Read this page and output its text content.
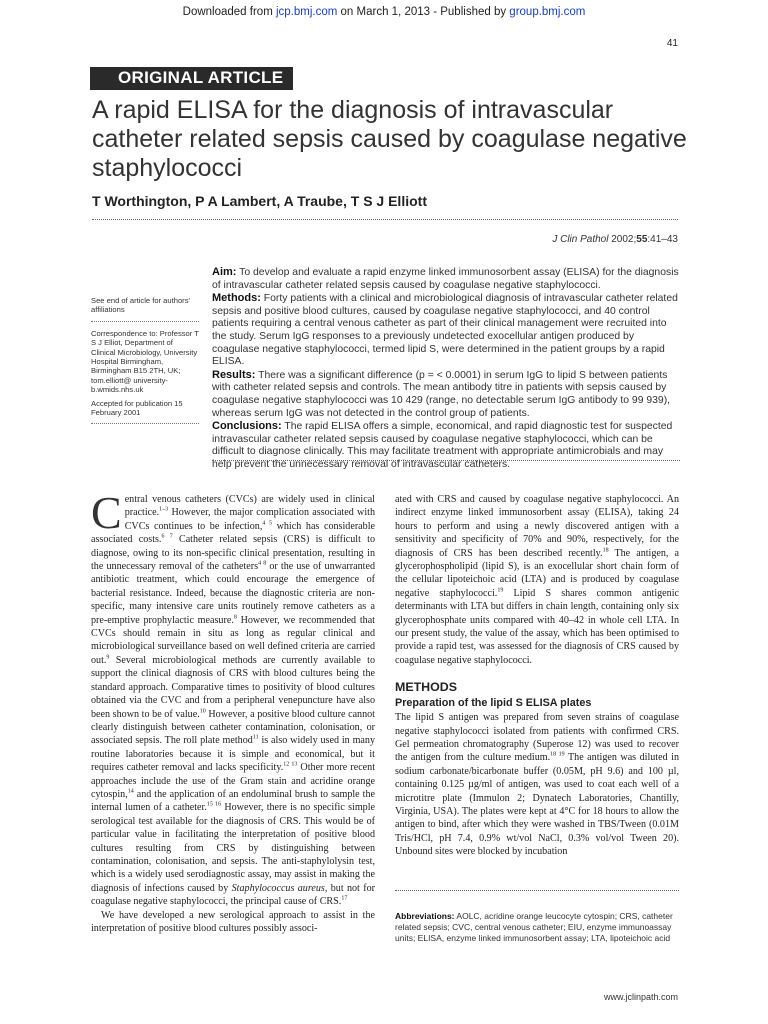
Downloaded from jcp.bmj.com on March 1, 2013 - Published by group.bmj.com
41
ORIGINAL ARTICLE
A rapid ELISA for the diagnosis of intravascular catheter related sepsis caused by coagulase negative staphylococci
T Worthington, P A Lambert, A Traube, T S J Elliott
J Clin Pathol 2002;55:41–43

Aim: To develop and evaluate a rapid enzyme linked immunosorbent assay (ELISA) for the diagnosis of intravascular catheter related sepsis caused by coagulase negative staphylococci.

Methods: Forty patients with a clinical and microbiological diagnosis of intravascular catheter related sepsis and positive blood cultures, caused by coagulase negative staphylococci, and 40 control patients requiring a central venous catheter as part of their clinical management were recruited into the study. Serum IgG responses to a previously undetected exocellular antigen produced by coagulase negative staphylococci, termed lipid S, were determined in the patient groups by a rapid ELISA.

Results: There was a significant difference (p = < 0.0001) in serum IgG to lipid S between patients with catheter related sepsis and controls. The mean antibody titre in patients with sepsis caused by coagulase negative staphylococci was 10 429 (range, no detectable serum IgG antibody to 99 939), whereas serum IgG was not detected in the control group of patients.

Conclusions: The rapid ELISA offers a simple, economical, and rapid diagnostic test for suspected intravascular catheter related sepsis caused by coagulase negative staphylococci, which can be difficult to diagnose clinically. This may facilitate treatment with appropriate antimicrobials and may help prevent the unnecessary removal of intravascular catheters.

See end of article for authors' affiliations

Correspondence to: Professor T S J Elliot, Department of Clinical Microbiology, University Hospital Birmingham, Birmingham B15 2TH, UK; tom.elliott@ university-b.wmids.nhs.uk

Accepted for publication 15 February 2001

Central venous catheters (CVCs) are widely used in clinical practice.$^{1-3}$ However, the major complication associated with CVCs continues to be infection,$^{4 5}$ which has considerable associated costs.$^{6 7}$ Catheter related sepsis (CRS) is difficult to diagnose, owing to its non-specific clinical presentation, resulting in the unnecessary removal of the catheters$^{4 8}$ or the use of unwarranted antibiotic treatment, which could encourage the emergence of bacterial resistance. Indeed, because the diagnostic criteria are non-specific, many intensive care units routinely remove catheters as a pre-emptive prophylactic measure.$^8$ However, we recommended that CVCs should remain in situ as long as regular clinical and microbiological surveillance based on well defined criteria are carried out.$^9$ Several microbiological methods are currently available to support the clinical diagnosis of CRS with blood cultures being the standard approach. Comparative times to positivity of blood cultures obtained via the CVC and from a peripheral venepuncture have also been shown to be of value.$^{10}$ However, a positive blood culture cannot clearly distinguish between catheter contamination, colonisation, or associated sepsis. The roll plate method$^{11}$ is also widely used in many routine laboratories because it is simple and economical, but it requires catheter removal and lacks specificity.$^{12 13}$ Other more recent approaches include the use of the Gram stain and acridine orange cytospin,$^{14}$ and the application of an endoluminal brush to sample the internal lumen of a catheter.$^{15 16}$ However, there is no specific simple serological test available for the diagnosis of CRS. This would be of particular value in facilitating the interpretation of positive blood cultures resulting from CRS by distinguishing between contamination, colonisation, and sepsis. The anti-staphylolysin test, which is a widely used serodiagnostic assay, may assist in making the diagnosis of infections caused by Staphylococcus aureus, but not for coagulase negative staphylococci, the principal cause of CRS.$^{17}$

We have developed a new serological approach to assist in the interpretation of positive blood cultures possibly associ-

ated with CRS and caused by coagulase negative staphylococci. An indirect enzyme linked immunosorbent assay (ELISA), taking 24 hours to perform and using a newly discovered antigen with a sensitivity and specificity of 70% and 90%, respectively, for the diagnosis of CRS has been described recently.$^{18}$ The antigen, a glycerophospholipid (lipid S), is an exocellular short chain form of the cellular lipoteichoic acid (LTA) and is produced by coagulase negative staphylococci.$^{19}$ Lipid S shares common antigenic determinants with LTA but differs in chain length, containing only six glycerophosphate units compared with 40–42 in whole cell LTA. In our present study, the value of the assay, which has been optimised to provide a rapid test, was assessed for the diagnosis of CRS caused by coagulase negative staphylococci.

METHODS
Preparation of the lipid S ELISA plates

The lipid S antigen was prepared from seven strains of coagulase negative staphylococci isolated from patients with confirmed CRS. Gel permeation chromatography (Superose 12) was used to recover the antigen from the culture medium.$^{18 19}$ The antigen was diluted in sodium carbonate/bicarbonate buffer (0.05M, pH 9.6) and 100 µl, containing 0.125 µg/ml of antigen, was used to coat each well of a microtitre plate (Immulon 2; Dynatech Laboratories, Chantilly, Virginia, USA). The plates were kept at 4°C for 18 hours to allow the antigen to bind, after which they were washed in TBS/Tween (0.01M Tris/HCl, pH 7.4, 0.9% wt/vol NaCl, 0.3% vol/vol Tween 20). Unbound sites were blocked by incubation

Abbreviations: AOLC, acridine orange leucocyte cytospin; CRS, catheter related sepsis; CVC, central venous catheter; EIU, enzyme immunoassay units; ELISA, enzyme linked immunosorbent assay; LTA, lipoteichoic acid
www.jclinpath.com
